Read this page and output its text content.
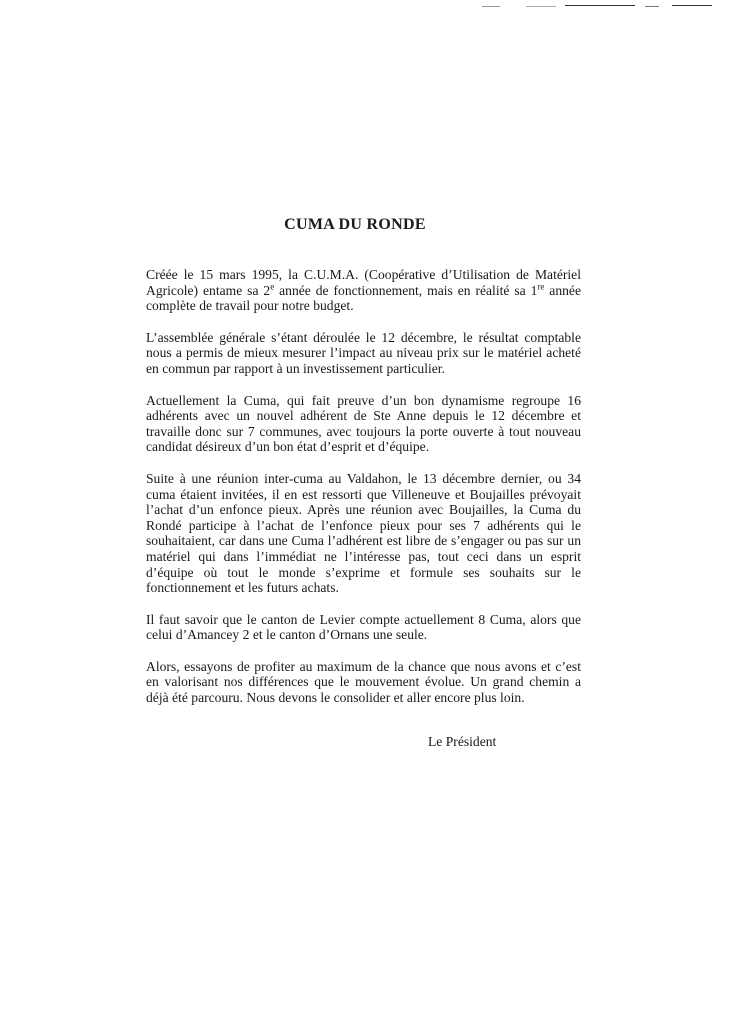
CUMA DU RONDE

Créée le 15 mars 1995, la C.U.M.A. (Coopérative d’Utilisation de Matériel Agricole) entame sa 2e année de fonctionnement, mais en réalité sa 1re année complète de travail pour notre budget.

L’assemblée générale s’étant déroulée le 12 décembre, le résultat comptable nous a permis de mieux mesurer l’impact au niveau prix sur le matériel acheté en commun par rapport à un investissement particulier.

Actuellement la Cuma, qui fait preuve d’un bon dynamisme regroupe 16 adhérents avec un nouvel adhérent de Ste Anne depuis le 12 décembre et travaille donc sur 7 communes, avec toujours la porte ouverte à tout nouveau candidat désireux d’un bon état d’esprit et d’équipe.

Suite à une réunion inter-cuma au Valdahon, le 13 décembre dernier, ou 34 cuma étaient invitées, il en est ressorti que Villeneuve et Boujailles prévoyait l’achat d’un enfonce pieux. Après une réunion avec Boujailles, la Cuma du Rondé participe à l’achat de l’enfonce pieux pour ses 7 adhérents qui le souhaitaient, car dans une Cuma l’adhérent est libre de s’engager ou pas sur un matériel qui dans l’immédiat ne l’intéresse pas, tout ceci dans un esprit d’équipe où tout le monde s’exprime et formule ses souhaits sur le fonctionnement et les futurs achats.

Il faut savoir que le canton de Levier compte actuellement 8 Cuma, alors que celui d’Amancey 2 et le canton d’Ornans une seule.

Alors, essayons de profiter au maximum de la chance que nous avons et c’est en valorisant nos différences que le mouvement évolue. Un grand chemin a déjà été parcouru. Nous devons le consolider et aller encore plus loin.

Le Président
